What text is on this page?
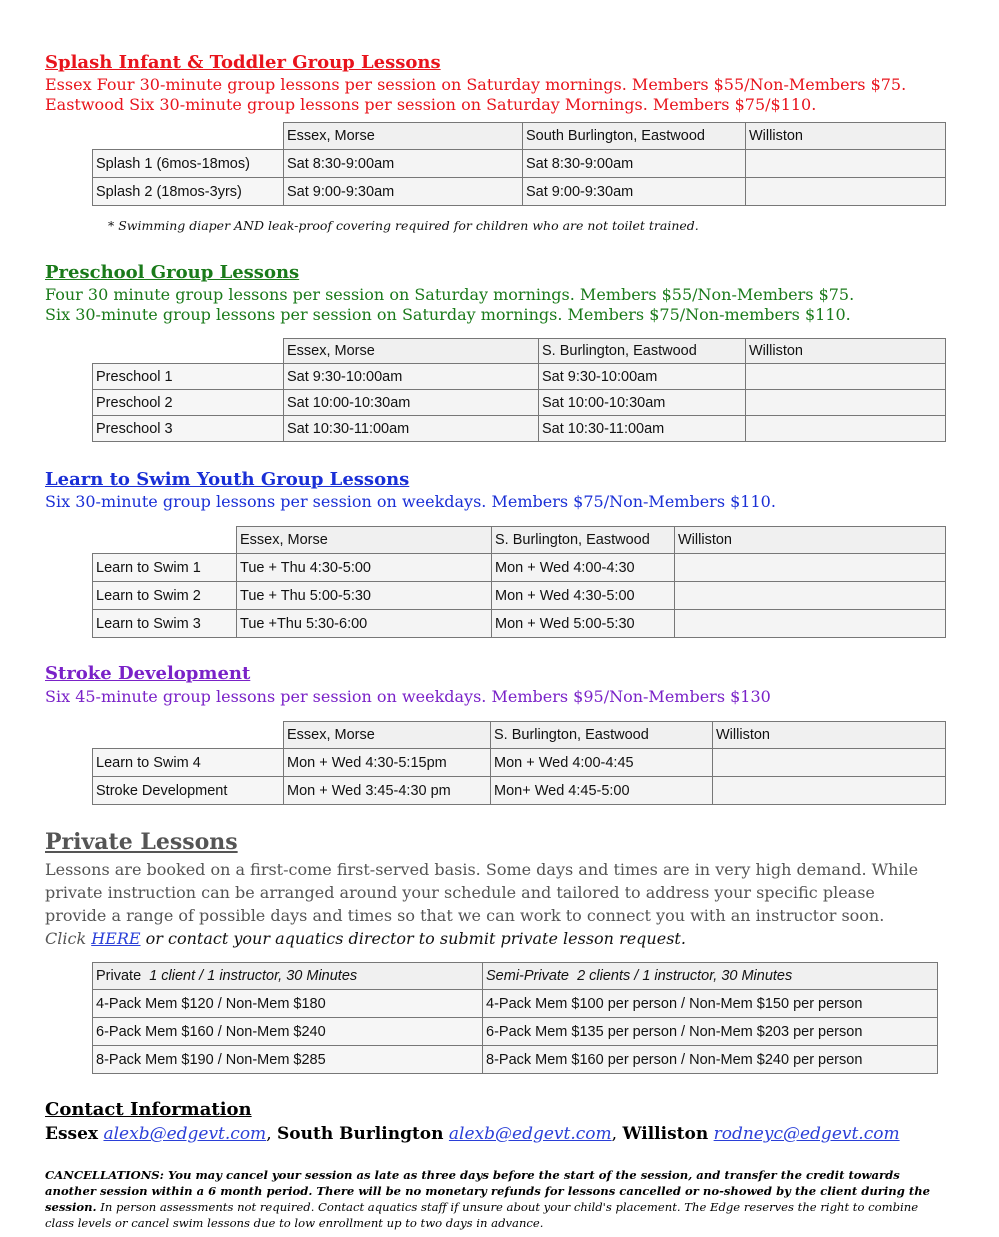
Splash Infant & Toddler Group Lessons
Essex Four 30-minute group lessons per session on Saturday mornings. Members $55/Non-Members $75.
Eastwood Six 30-minute group lessons per session on Saturday Mornings. Members $75/$110.
	Essex, Morse	South Burlington, Eastwood	Williston
Splash 1 (6mos-18mos)	Sat 8:30-9:00am	Sat 8:30-9:00am	
Splash 2 (18mos-3yrs)	Sat 9:00-9:30am	Sat 9:00-9:30am	
* Swimming diaper AND leak-proof covering required for children who are not toilet trained.
Preschool Group Lessons
Four 30 minute group lessons per session on Saturday mornings. Members $55/Non-Members $75.
Six 30-minute group lessons per session on Saturday mornings. Members $75/Non-members $110.
	Essex, Morse	S. Burlington, Eastwood	Williston
Preschool 1	Sat 9:30-10:00am	Sat 9:30-10:00am	
Preschool 2	Sat 10:00-10:30am	Sat 10:00-10:30am	
Preschool 3	Sat 10:30-11:00am	Sat 10:30-11:00am	
Learn to Swim Youth Group Lessons
Six 30-minute group lessons per session on weekdays. Members $75/Non-Members $110.
	Essex, Morse	S. Burlington, Eastwood	Williston
Learn to Swim 1	Tue + Thu 4:30-5:00	Mon + Wed 4:00-4:30	
Learn to Swim 2	Tue + Thu 5:00-5:30	Mon + Wed 4:30-5:00	
Learn to Swim 3	Tue +Thu 5:30-6:00	Mon + Wed 5:00-5:30	
Stroke Development
Six 45-minute group lessons per session on weekdays. Members $95/Non-Members $130
	Essex, Morse	S. Burlington, Eastwood	Williston
Learn to Swim 4	Mon + Wed 4:30-5:15pm	Mon + Wed 4:00-4:45	
Stroke Development	Mon + Wed 3:45-4:30 pm	Mon+ Wed 4:45-5:00	
Private Lessons
Lessons are booked on a first-come first-served basis. Some days and times are in very high demand. While
private instruction can be arranged around your schedule and tailored to address your specific please
provide a range of possible days and times so that we can work to connect you with an instructor soon.
Click HERE or contact your aquatics director to submit private lesson request.
Private 1 client / 1 instructor, 30 Minutes	Semi-Private 2 clients / 1 instructor, 30 Minutes
4-Pack Mem $120 / Non-Mem $180	4-Pack Mem $100 per person / Non-Mem $150 per person
6-Pack Mem $160 / Non-Mem $240	6-Pack Mem $135 per person / Non-Mem $203 per person
8-Pack Mem $190 / Non-Mem $285	8-Pack Mem $160 per person / Non-Mem $240 per person
Contact Information
Essex alexb@edgevt.com, South Burlington alexb@edgevt.com, Williston rodneyc@edgevt.com
CANCELLATIONS: You may cancel your session as late as three days before the start of the session, and transfer the credit towards another session within a 6 month period. There will be no monetary refunds for lessons cancelled or no-showed by the client during the session. In person assessments not required. Contact aquatics staff if unsure about your child's placement. The Edge reserves the right to combine class levels or cancel swim lessons due to low enrollment up to two days in advance.
